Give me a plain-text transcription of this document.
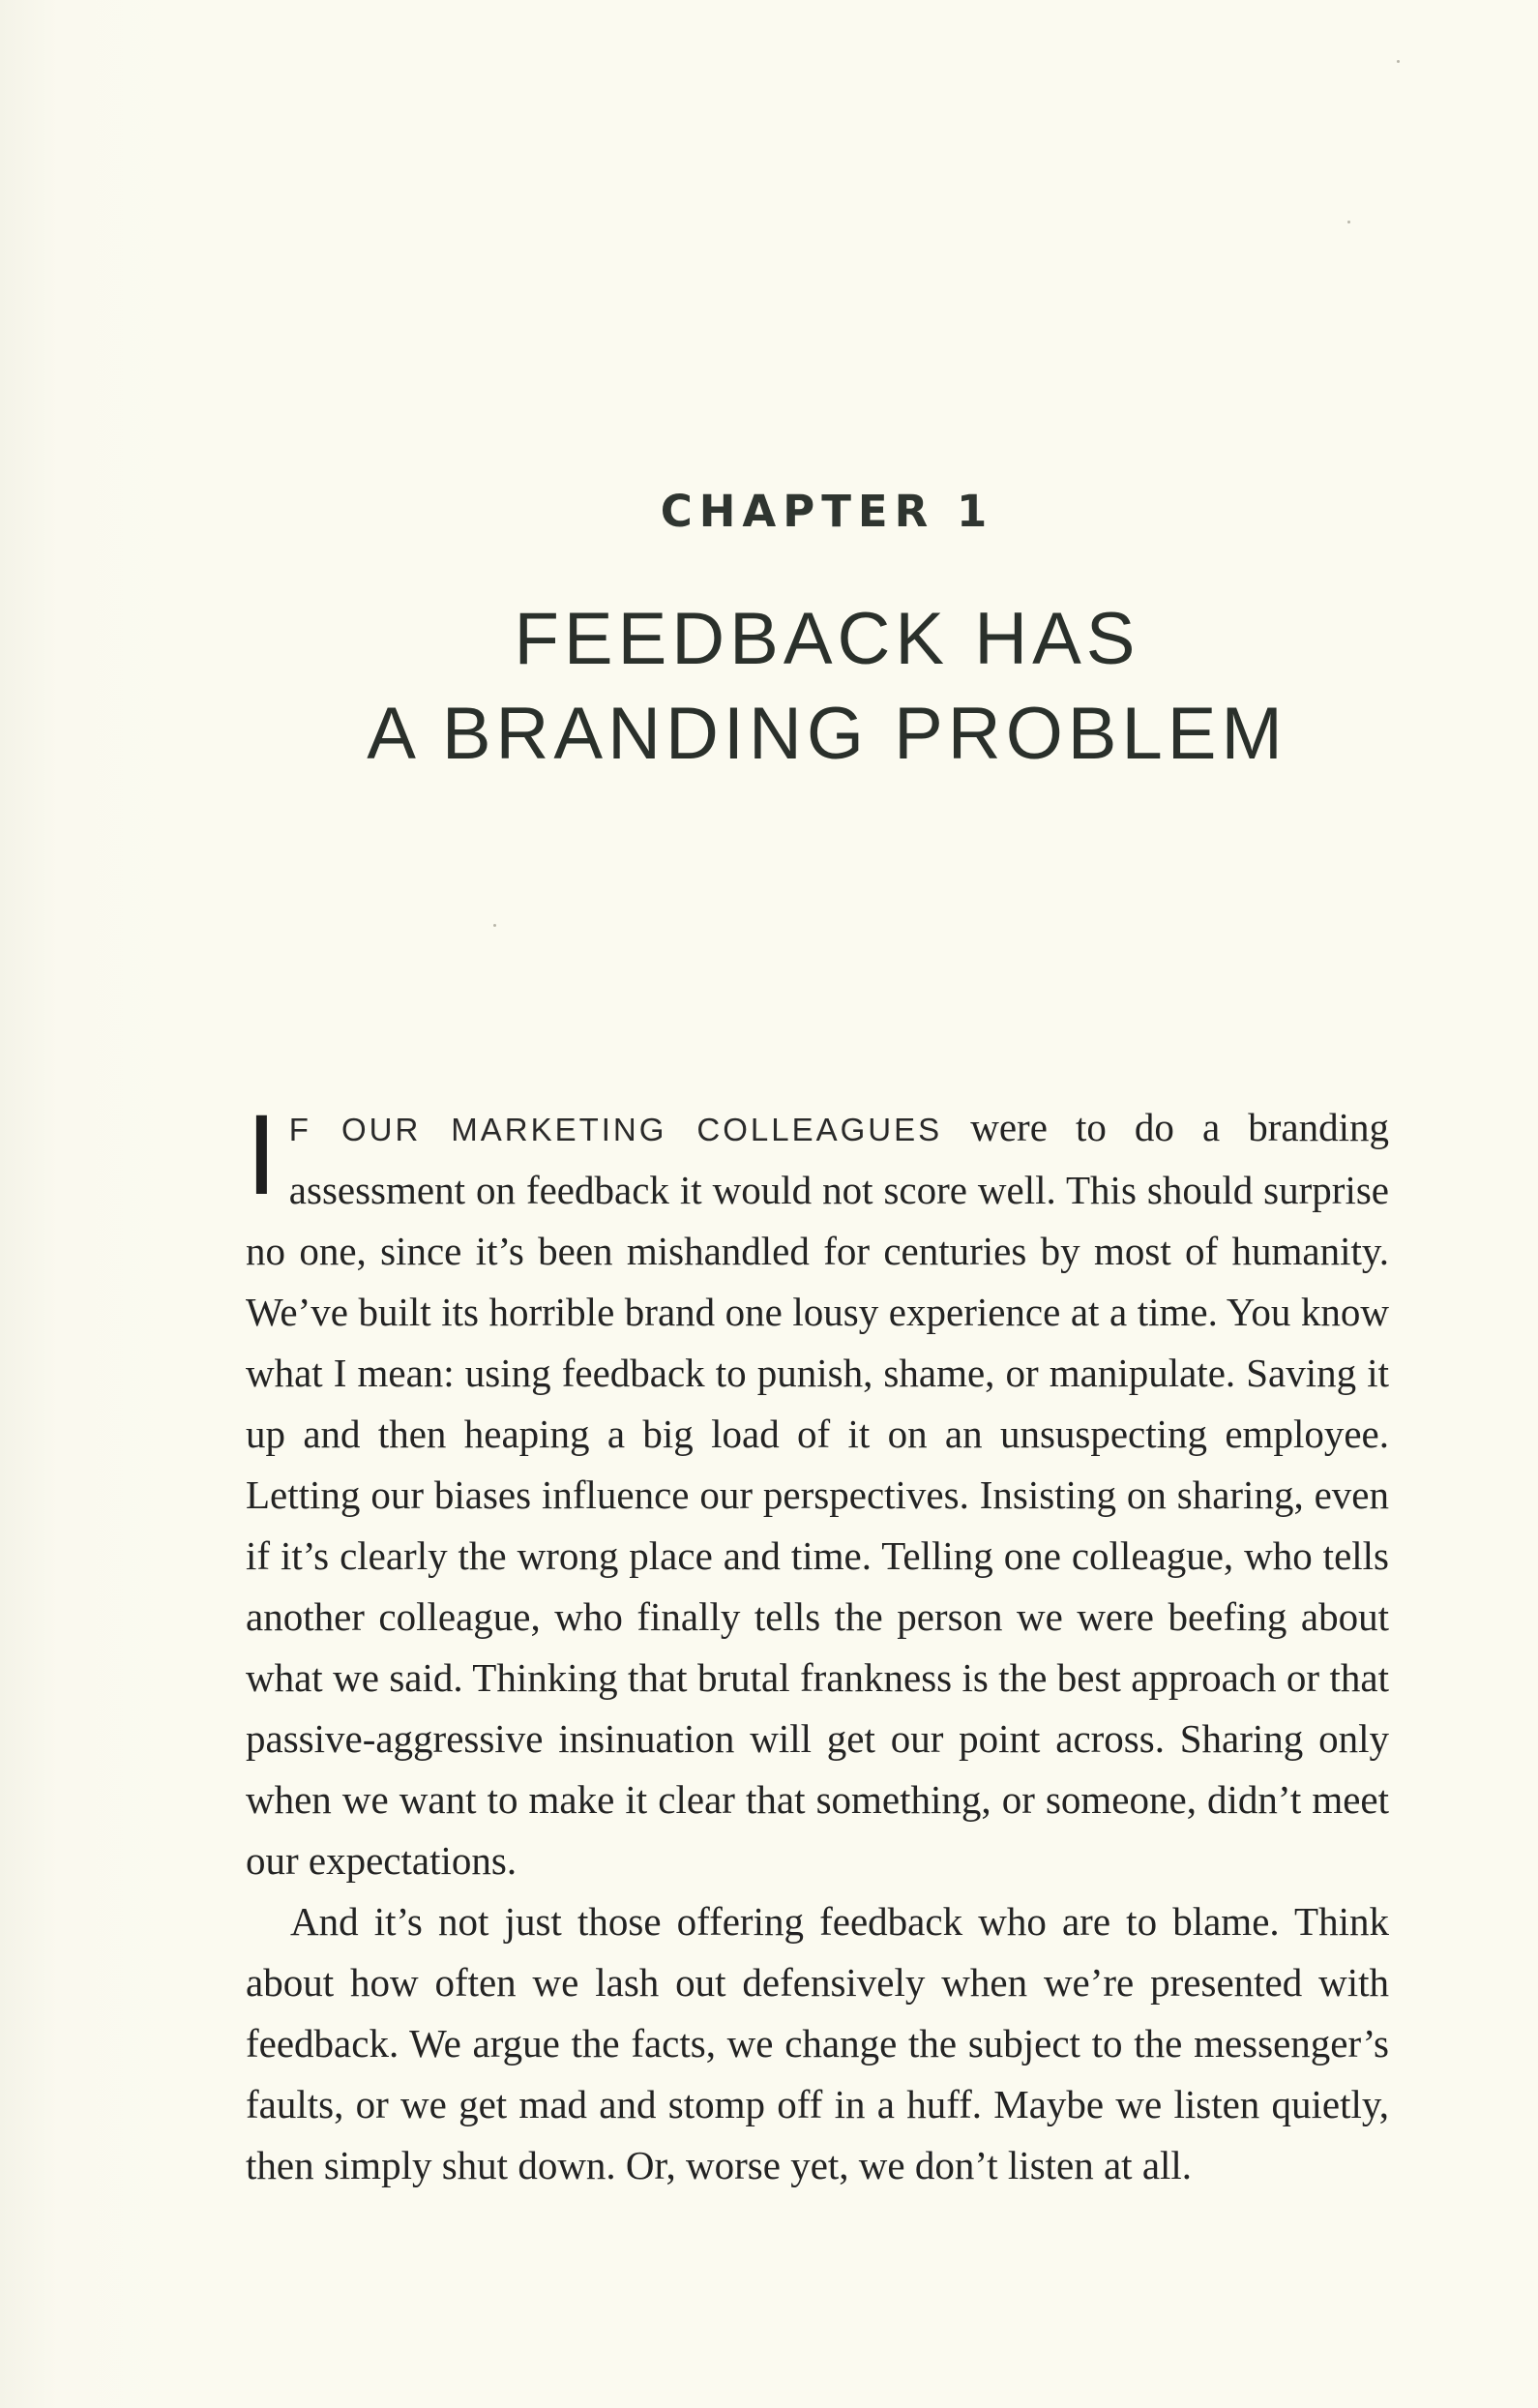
CHAPTER 1
FEEDBACK HAS
A BRANDING PROBLEM

I F OUR MARKETING COLLEAGUES were to do a branding assessment on feedback it would not score well. This should surprise no one, since it’s been mishandled for centuries by most of humanity. We’ve built its horrible brand one lousy experience at a time. You know what I mean: using feedback to punish, shame, or manipulate. Saving it up and then heaping a big load of it on an unsuspecting employee. Letting our biases influence our perspectives. Insisting on sharing, even if it’s clearly the wrong place and time. Telling one colleague, who tells another colleague, who finally tells the person we were beefing about what we said. Thinking that brutal frankness is the best approach or that passive-aggressive insinuation will get our point across. Sharing only when we want to make it clear that something, or someone, didn’t meet our expectations.

And it’s not just those offering feedback who are to blame. Think about how often we lash out defensively when we’re presented with feedback. We argue the facts, we change the subject to the messenger’s faults, or we get mad and stomp off in a huff. Maybe we listen quietly, then simply shut down. Or, worse yet, we don’t listen at all.
